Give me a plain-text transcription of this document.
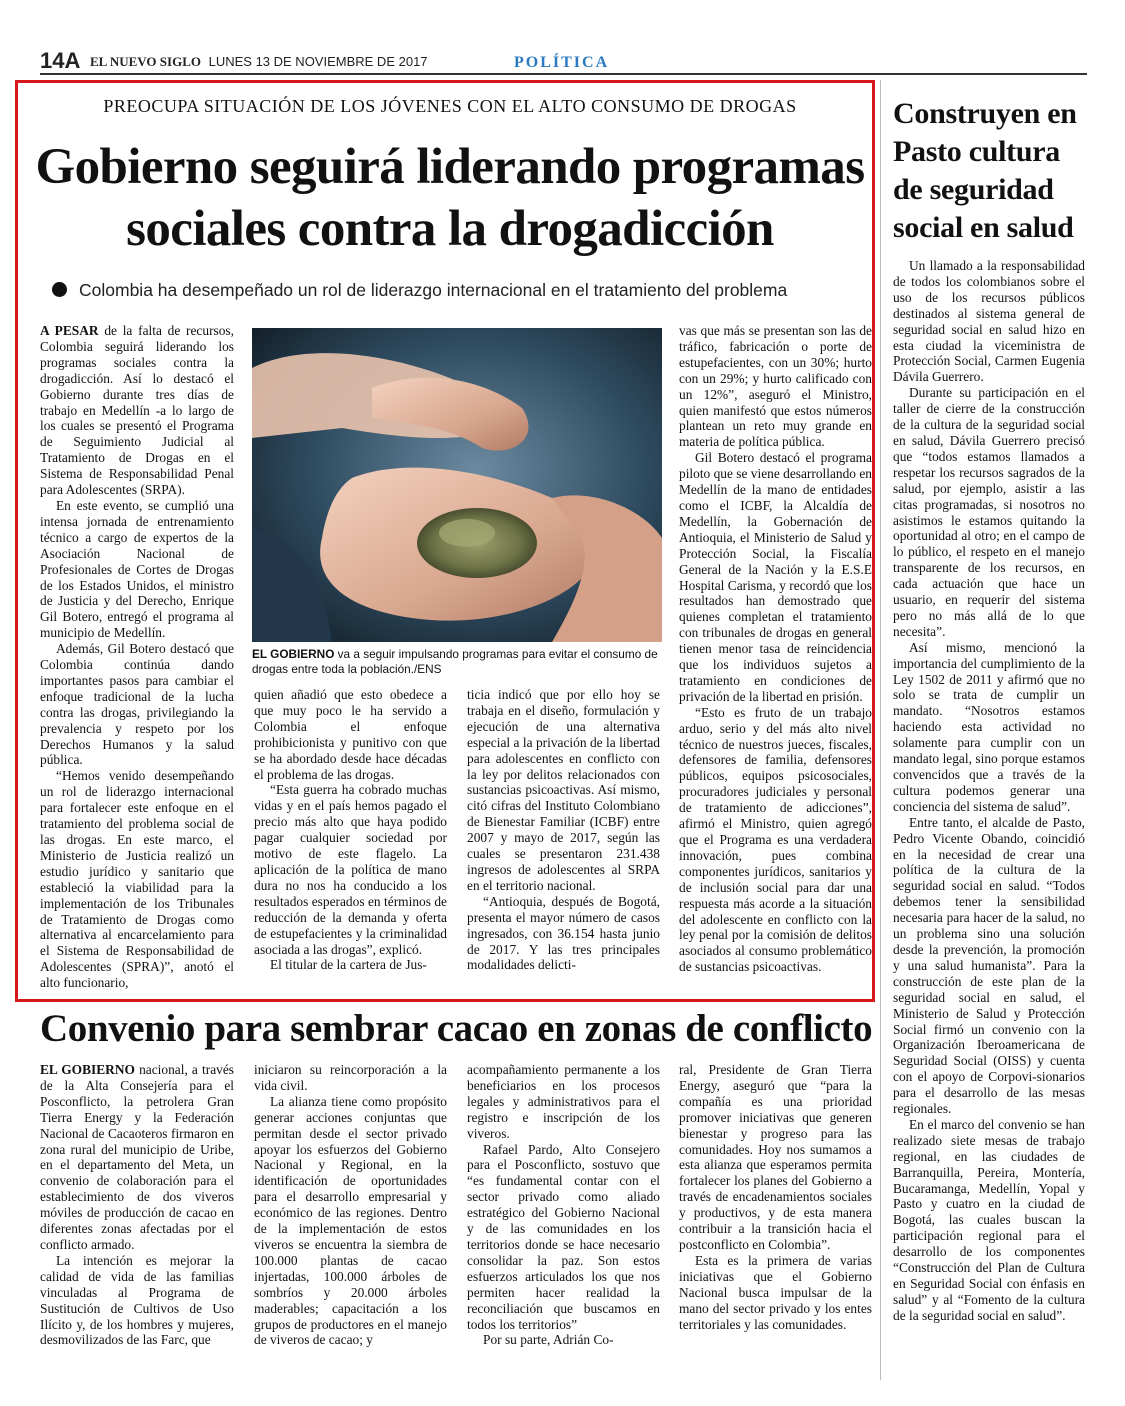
14A EL NUEVO SIGLO LUNES 13 DE NOVIEMBRE DE 2017	POLÍTICA
PREOCUPA SITUACIÓN DE LOS JÓVENES CON EL ALTO CONSUMO DE DROGAS
Gobierno seguirá liderando programas
sociales contra la drogadicción
Colombia ha desempeñado un rol de liderazgo internacional en el tratamiento del problema

A PESAR de la falta de recursos, Colombia seguirá liderando los programas sociales contra la drogadicción. Así lo destacó el Gobierno durante tres días de trabajo en Medellín -a lo largo de los cuales se presentó el Programa de Seguimiento Judicial al Tratamiento de Drogas en el Sistema de Responsabilidad Penal para Adolescentes (SRPA).

En este evento, se cumplió una intensa jornada de entrenamiento técnico a cargo de expertos de la Asociación Nacional de Profesionales de Cortes de Drogas de los Estados Unidos, el ministro de Justicia y del Derecho, Enrique Gil Botero, entregó el programa al municipio de Medellín.

Además, Gil Botero destacó que Colombia continúa dando importantes pasos para cambiar el enfoque tradicional de la lucha contra las drogas, privilegiando la prevalencia y respeto por los Derechos Humanos y la salud pública.

“Hemos venido desempeñando un rol de liderazgo internacional para fortalecer este enfoque en el tratamiento del problema social de las drogas. En este marco, el Ministerio de Justicia realizó un estudio jurídico y sanitario que estableció la viabilidad para la implementación de los Tribunales de Tratamiento de Drogas como alternativa al encarcelamiento para el Sistema de Responsabilidad de Adolescentes (SPRA)”, anotó el alto funcionario,

EL GOBIERNO va a seguir impulsando programas para evitar el consumo de drogas entre toda la población./ENS

quien añadió que esto obedece a que muy poco le ha servido a Colombia el enfoque prohibicionista y punitivo con que se ha abordado desde hace décadas el problema de las drogas.

“Esta guerra ha cobrado muchas vidas y en el país hemos pagado el precio más alto que haya podido pagar cualquier sociedad por motivo de este flagelo. La aplicación de la política de mano dura no nos ha conducido a los resultados esperados en términos de reducción de la demanda y oferta de estupefacientes y la criminalidad asociada a las drogas”, explicó.

El titular de la cartera de Jus-

ticia indicó que por ello hoy se trabaja en el diseño, formulación y ejecución de una alternativa especial a la privación de la libertad para adolescentes en conflicto con la ley por delitos relacionados con sustancias psicoactivas. Así mismo, citó cifras del Instituto Colombiano de Bienestar Familiar (ICBF) entre 2007 y mayo de 2017, según las cuales se presentaron 231.438 ingresos de adolescentes al SRPA en el territorio nacional.

“Antioquia, después de Bogotá, presenta el mayor número de casos ingresados, con 36.154 hasta junio de 2017. Y las tres principales modalidades delicti-

vas que más se presentan son las de tráfico, fabricación o porte de estupefacientes, con un 30%; hurto con un 29%; y hurto calificado con un 12%”, aseguró el Ministro, quien manifestó que estos números plantean un reto muy grande en materia de política pública.

Gil Botero destacó el programa piloto que se viene desarrollando en Medellín de la mano de entidades como el ICBF, la Alcaldía de Medellín, la Gobernación de Antioquia, el Ministerio de Salud y Protección Social, la Fiscalía General de la Nación y la E.S.E Hospital Carisma, y recordó que los resultados han demostrado que quienes completan el tratamiento con tribunales de drogas en general tienen menor tasa de reincidencia que los individuos sujetos a tratamiento en condiciones de privación de la libertad en prisión.

“Esto es fruto de un trabajo arduo, serio y del más alto nivel técnico de nuestros jueces, fiscales, defensores de familia, defensores públicos, equipos psicosociales, procuradores judiciales y personal de tratamiento de adicciones”, afirmó el Ministro, quien agregó que el Programa es una verdadera innovación, pues combina componentes jurídicos, sanitarios y de inclusión social para dar una respuesta más acorde a la situación del adolescente en conflicto con la ley penal por la comisión de delitos asociados al consumo problemático de sustancias psicoactivas.

Construyen en Pasto cultura de seguridad social en salud

Un llamado a la responsabilidad de todos los colombianos sobre el uso de los recursos públicos destinados al sistema general de seguridad social en salud hizo en esta ciudad la viceministra de Protección Social, Carmen Eugenia Dávila Guerrero.

Durante su participación en el taller de cierre de la construcción de la cultura de la seguridad social en salud, Dávila Guerrero precisó que “todos estamos llamados a respetar los recursos sagrados de la salud, por ejemplo, asistir a las citas programadas, si nosotros no asistimos le estamos quitando la oportunidad al otro; en el campo de lo público, el respeto en el manejo transparente de los recursos, en cada actuación que hace un usuario, en requerir del sistema pero no más allá de lo que necesita”.

Así mismo, mencionó la importancia del cumplimiento de la Ley 1502 de 2011 y afirmó que no solo se trata de cumplir un mandato. “Nosotros estamos haciendo esta actividad no solamente para cumplir con un mandato legal, sino porque estamos convencidos que a través de la cultura podemos generar una conciencia del sistema de salud”.

Entre tanto, el alcalde de Pasto, Pedro Vicente Obando, coincidió en la necesidad de crear una política de la cultura de la seguridad social en salud. “Todos debemos tener la sensibilidad necesaria para hacer de la salud, no un problema sino una solución desde la prevención, la promoción y una salud humanista”. Para la construcción de este plan de la seguridad social en salud, el Ministerio de Salud y Protección Social firmó un convenio con la Organización Iberoamericana de Seguridad Social (OISS) y cuenta con el apoyo de Corpovi-sionarios para el desarrollo de las mesas regionales.

En el marco del convenio se han realizado siete mesas de trabajo regional, en las ciudades de Barranquilla, Pereira, Montería, Bucaramanga, Medellín, Yopal y Pasto y cuatro en la ciudad de Bogotá, las cuales buscan la participación regional para el desarrollo de los componentes “Construcción del Plan de Cultura en Seguridad Social con énfasis en salud” y al “Fomento de la cultura de la seguridad social en salud”.

Convenio para sembrar cacao en zonas de conflicto

EL GOBIERNO nacional, a través de la Alta Consejería para el Posconflicto, la petrolera Gran Tierra Energy y la Federación Nacional de Cacaoteros firmaron en zona rural del municipio de Uribe, en el departamento del Meta, un convenio de colaboración para el establecimiento de dos viveros móviles de producción de cacao en diferentes zonas afectadas por el conflicto armado.

La intención es mejorar la calidad de vida de las familias vinculadas al Programa de Sustitución de Cultivos de Uso Ilícito y, de los hombres y mujeres, desmovilizados de las Farc, que

iniciaron su reincorporación a la vida civil.

La alianza tiene como propósito generar acciones conjuntas que permitan desde el sector privado apoyar los esfuerzos del Gobierno Nacional y Regional, en la identificación de oportunidades para el desarrollo empresarial y económico de las regiones. Dentro de la implementación de estos viveros se encuentra la siembra de 100.000 plantas de cacao injertadas, 100.000 árboles de sombríos y 20.000 árboles maderables; capacitación a los grupos de productores en el manejo de viveros de cacao; y

acompañamiento permanente a los beneficiarios en los procesos legales y administrativos para el registro e inscripción de los viveros.

Rafael Pardo, Alto Consejero para el Posconflicto, sostuvo que “es fundamental contar con el sector privado como aliado estratégico del Gobierno Nacional y de las comunidades en los territorios donde se hace necesario consolidar la paz. Son estos esfuerzos articulados los que nos permiten hacer realidad la reconciliación que buscamos en todos los territorios”

Por su parte, Adrián Co-

ral, Presidente de Gran Tierra Energy, aseguró que “para la compañía es una prioridad promover iniciativas que generen bienestar y progreso para las comunidades. Hoy nos sumamos a esta alianza que esperamos permita fortalecer los planes del Gobierno a través de encadenamientos sociales y productivos, y de esta manera contribuir a la transición hacia el postconflicto en Colombia”.

Esta es la primera de varias iniciativas que el Gobierno Nacional busca impulsar de la mano del sector privado y los entes territoriales y las comunidades.
